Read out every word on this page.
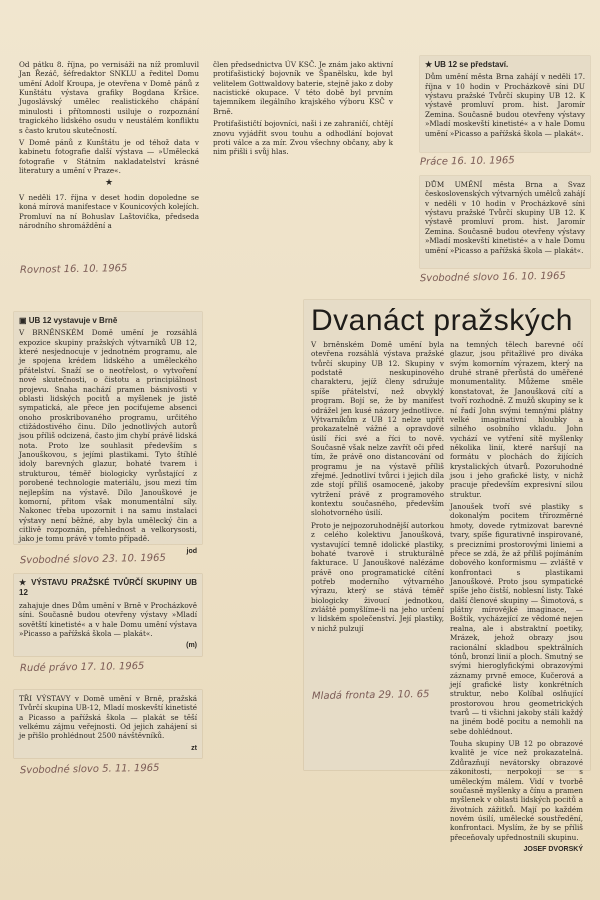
Od pátku 8. října, po vernisáži na níž promluvil Jan Řezáč, šéfredaktor SNKLU a ředitel Domu umění Adolf Kroupa, je otevřena v Domě pánů z Kunštátu výstava grafiky Bogdana Kršice. Jugoslávský umělec realistického chápání minulosti i přítomnosti usiluje o rozpoznání tragického lidského osudu v neustálém konfliktu s často krutou skutečností.

V Domě pánů z Kunštátu je od téhož data v kabinetu fotografie další výstava — »Umělecká fotografie v Státním nakladatelství krásné literatury a umění v Praze«.

★

V neděli 17. října v deset hodin dopoledne se koná mírová manifestace v Kounicových kolejích. Promluví na ní Bohuslav Laštovička, předseda národního shromáždění a

člen předsednictva ÚV KSČ. Je znám jako aktivní protifašistický bojovník ve Španělsku, kde byl velitelem Gottwaldovy baterie, stejně jako z doby nacistické okupace. V této době byl prvním tajemníkem ilegálního krajského výboru KSČ v Brně.

Protifašističtí bojovníci, naši i ze zahraničí, chtějí znovu vyjádřit svou touhu a odhodlání bojovat proti válce a za mír. Zvou všechny občany, aby k nim přišli i svůj hlas.

Rovnost 16. 10. 1965
★ UB 12 se představí.

Dům umění města Brna zahájí v neděli 17. října v 10 hodin v Procházkově síni DU výstavu pražské Tvůrčí skupiny UB 12. K výstavě promluví prom. hist. Jaromír Zemina. Současně budou otevřeny výstavy »Mladí moskevští kinetisté« a v hale Domu umění »Picasso a pařížská škola — plakát«.

Práce 16. 10. 1965

DŮM UMĚNÍ města Brna a Svaz československých výtvarných umělců zahájí v neděli v 10 hodin v Procházkově síni výstavu pražské Tvůrčí skupiny UB 12. K výstavě promluví prom. hist. Jaromír Zemina. Současně budou otevřeny výstavy »Mladí moskevští kinetisté« a v hale Domu umění »Picasso a pařížská škola — plakát«.

Svobodné slovo 16. 10. 1965
▣ UB 12 vystavuje v Brně

V BRNĚNSKÉM Domě umění je rozsáhlá expozice skupiny pražských výtvarníků UB 12, které nesjednocuje v jednotném programu, ale je spojena krédem lidského a uměleckého přátelství. Snaží se o neotřelost, o vytvoření nové skutečnosti, o čistotu a principiálnost projevu. Snaha nachází pramen básnivosti v oblasti lidských pocitů a myšlenek je jistě sympatická, ale přece jen pociťujeme absenci onoho proskribovaného programu, určitého ctižádostivého činu. Dílo jednotlivých autorů jsou příliš odcizená, často jim chybí právě lidská nota. Proto lze souhlasit především s Janouškovou, s jejími plastikami. Tyto štíhlé idoly barevných glazur, bohaté tvarem i strukturou, téměř biologicky vyrůstající z porobené technologie materiálu, jsou mezi tím nejlepším na výstavě. Dílo Janouškové je komorní, přitom však monumentální síly. Nakonec třeba upozornit i na samu instalaci výstavy není běžné, aby byla umělecký čin a citlivě rozpoznán, přehlednost a velkorysosti, jako je tomu právě v tomto případě.

jod
Svobodné slovo 23. 10. 1965
★ VÝSTAVU PRAŽSKÉ TVŮRČÍ SKUPINY UB 12

zahajuje dnes Dům umění v Brně v Procházkově síni. Současně budou otevřeny výstavy »Mladí sovětští kinetisté« a v hale Domu umění výstava »Picasso a pařížská škola — plakát«.

(m)
Rudé právo 17. 10. 1965

TŘI VÝSTAVY v Domě umění v Brně, pražská Tvůrčí skupina UB-12, Mladí moskevští kinetisté a Picasso a pařížská škola — plakát se těší velkému zájmu veřejnosti. Od jejich zahájení si je přišlo prohlédnout 2500 návštěvníků.

zt
Svobodné slovo 5. 11. 1965
Dvanáct pražských

V brněnském Domě umění byla otevřena rozsáhlá výstava pražské tvůrčí skupiny UB 12. Skupiny v podstatě neskupinového charakteru, jejíž členy sdružuje spíše přátelství, než obvyklý program. Bojí se, že by manifest odrážel jen kusé názory jednotlivce. Výtvarníkům z UB 12 nelze upřít prokazatelně vážné a opravdové úsilí říci své a říci to nově. Současně však nelze zavřít oči před tím, že právě ono distancování od programu je na výstavě příliš zřejmé. Jednotliví tvůrci i jejich díla zde stojí příliš osamoceně, jakoby vytržení právě z programového kontextu současného, především slohotvorného úsilí.

Proto je nejpozoruhodnější autorkou z celého kolektivu Janoušková, vystavující temně idolické plastiky, bohaté tvarově i strukturálně fakturace. U Janouškové nalézáme právě ono programatické cítění potřeb moderního výtvarného výrazu, který se stává téměř biologicky živoucí jednotkou, zvláště pomyšlíme-li na jeho určení v lidském společenství. Její plastiky, v nichž pulzují

na temných tělech barevné očí glazur, jsou přitažlivé pro diváka svým komorním výrazem, který na druhé straně přerůstá do uměřené monumentality. Můžeme směle konstatovat, že Janoušková cítí a tvoří rozhodně. Z mužů skupiny se k ní řadí John svými temnými plátny velké imaginativní hloubky a silného osobního vkladu. John vychází ve vytření sítě myšlenky několika linií, které naršují na formátu v plochách do žijících krystalických útvarů. Pozoruhodné jsou i jeho grafické listy, v nichž pracuje především expresivní silou struktur.

Janoušek tvoří své plastiky s dokonalým pocitem třírozměrné hmoty, dovede rytmizovat barevné tvary, spíše figurativně inspirované, s precizními prostorovými liniemi a přece se zdá, že až příliš pojímáním dobového konformismu — zvláště v konfrontaci s plastikami Janouškové. Proto jsou sympatické spíše jeho čistší, noblesní listy. Také další členové skupiny — Šimotová, s plátny mírovějké imaginace, — Boštík, vycházející ze vědomé nejen realna, ale i abstraktní poetiky, Mrázek, jehož obrazy jsou racionální skladbou spektrálních tónů, bronzí linií a ploch. Smutný se svými hieroglyfickými obrazovými záznamy prvně emoce, Kučerová a její grafické listy konkrétních struktur, nebo Kolíbal oslňující prostorovou hrou geometrických tvarů — ti všichni jakoby stáli každý na jiném bodě pocitu a nemohli na sebe dohlédnout.

Touha skupiny UB 12 po obrazové kvalitě je více než prokazatelná. Zdůrazňují nevátorsky obrazové zákonitosti, nerpokojí se s uměleckým málem. Vidí v tvorbě současně myšlenky a čínu a pramen myšlenek v oblasti lidských pocitů a životních zážitků. Mají po každém novém úsilí, umělecké soustředění, konfrontaci. Myslím, že by se příliš přeceňovaly upřednostnili skupinu.

JOSEF DVORSKÝ
Mladá fronta 29. 10. 65
